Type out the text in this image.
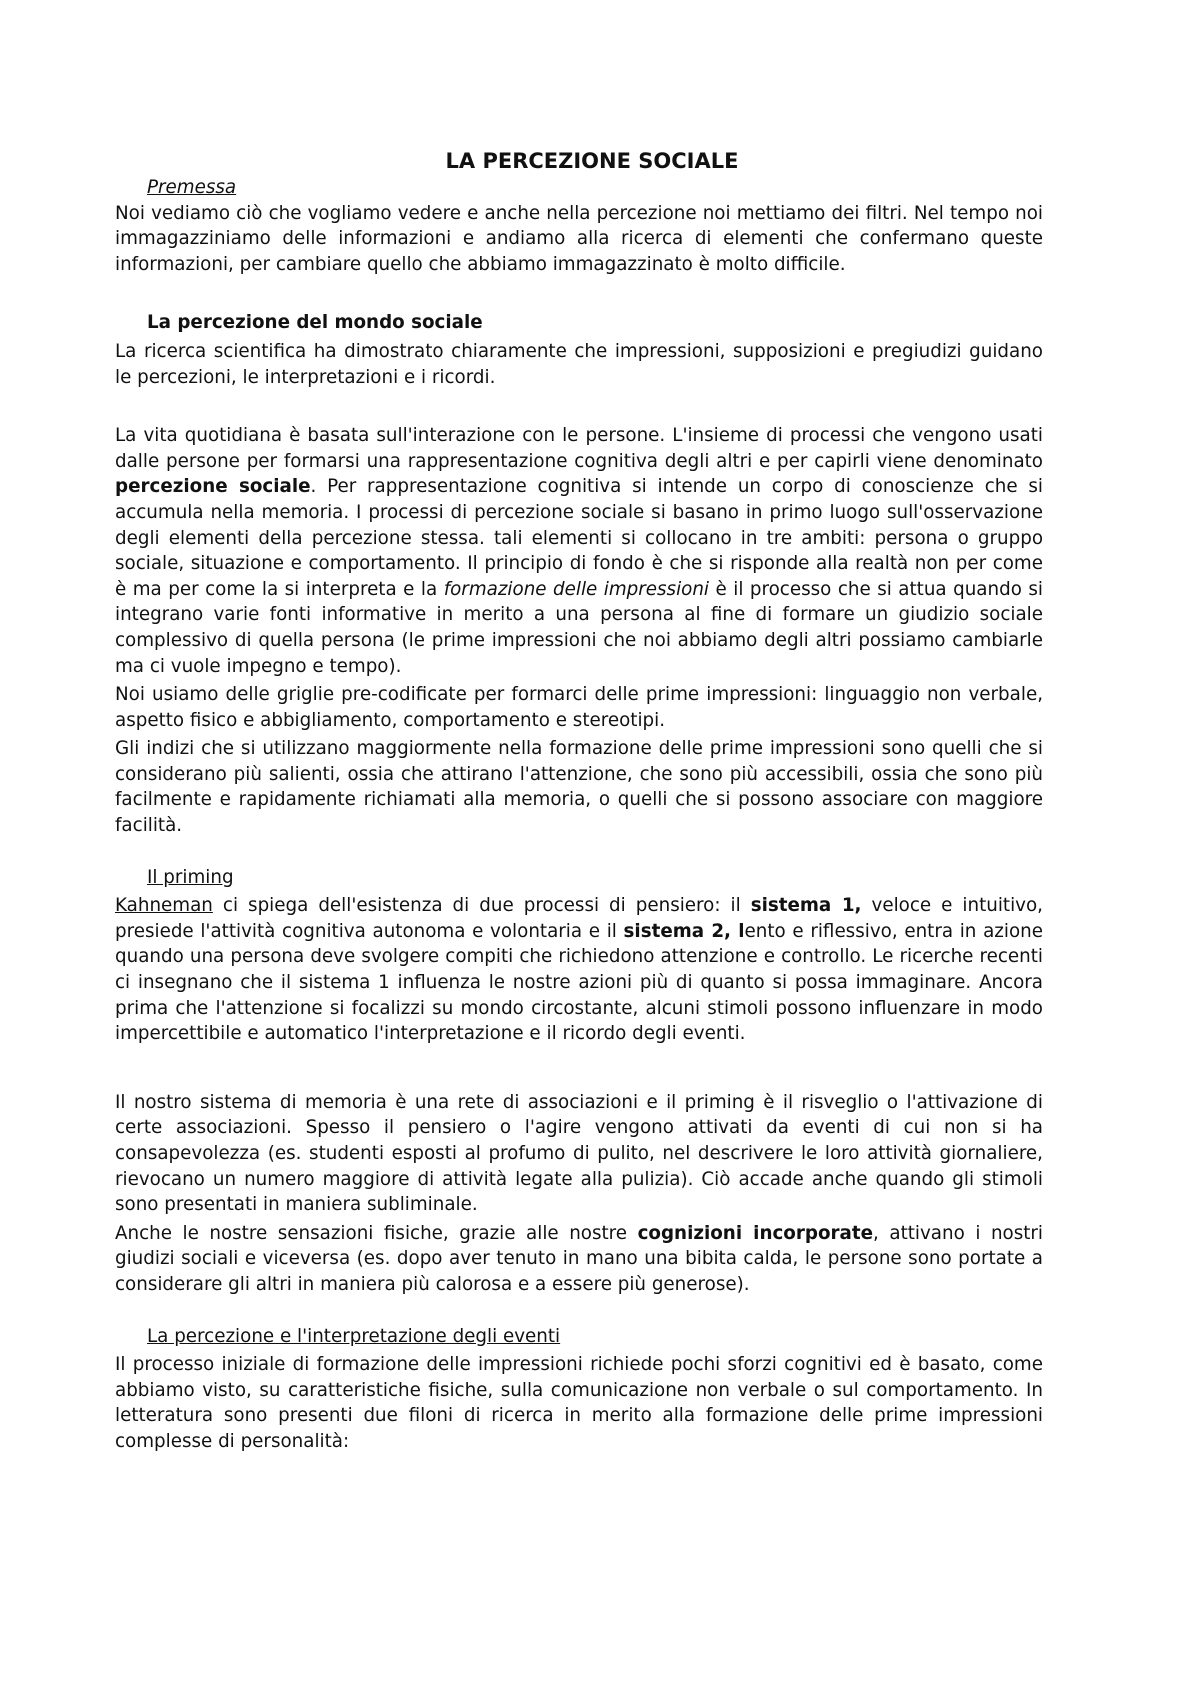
LA PERCEZIONE SOCIALE
Premessa

Noi vediamo ciò che vogliamo vedere e anche nella percezione noi mettiamo dei filtri. Nel tempo noi immagazziniamo delle informazioni e andiamo alla ricerca di elementi che confermano queste informazioni, per cambiare quello che abbiamo immagazzinato è molto difficile.

La percezione del mondo sociale

La ricerca scientifica ha dimostrato chiaramente che impressioni, supposizioni e pregiudizi guidano le percezioni, le interpretazioni e i ricordi.

La vita quotidiana è basata sull'interazione con le persone. L'insieme di processi che vengono usati dalle persone per formarsi una rappresentazione cognitiva degli altri e per capirli viene denominato percezione sociale. Per rappresentazione cognitiva si intende un corpo di conoscienze che si accumula nella memoria. I processi di percezione sociale si basano in primo luogo sull'osservazione degli elementi della percezione stessa. tali elementi si collocano in tre ambiti: persona o gruppo sociale, situazione e comportamento. Il principio di fondo è che si risponde alla realtà non per come è ma per come la si interpreta e la formazione delle impressioni è il processo che si attua quando si integrano varie fonti informative in merito a una persona al fine di formare un giudizio sociale complessivo di quella persona (le prime impressioni che noi abbiamo degli altri possiamo cambiarle ma ci vuole impegno e tempo).

Noi usiamo delle griglie pre-codificate per formarci delle prime impressioni: linguaggio non verbale, aspetto fisico e abbigliamento, comportamento e stereotipi.

Gli indizi che si utilizzano maggiormente nella formazione delle prime impressioni sono quelli che si considerano più salienti, ossia che attirano l'attenzione, che sono più accessibili, ossia che sono più facilmente e rapidamente richiamati alla memoria, o quelli che si possono associare con maggiore facilità.

Il priming

Kahneman ci spiega dell'esistenza di due processi di pensiero: il sistema 1, veloce e intuitivo, presiede l'attività cognitiva autonoma e volontaria e il sistema 2, lento e riflessivo, entra in azione quando una persona deve svolgere compiti che richiedono attenzione e controllo. Le ricerche recenti ci insegnano che il sistema 1 influenza le nostre azioni più di quanto si possa immaginare. Ancora prima che l'attenzione si focalizzi su mondo circostante, alcuni stimoli possono influenzare in modo impercettibile e automatico l'interpretazione e il ricordo degli eventi.

Il nostro sistema di memoria è una rete di associazioni e il priming è il risveglio o l'attivazione di certe associazioni. Spesso il pensiero o l'agire vengono attivati da eventi di cui non si ha consapevolezza (es. studenti esposti al profumo di pulito, nel descrivere le loro attività giornaliere, rievocano un numero maggiore di attività legate alla pulizia). Ciò accade anche quando gli stimoli sono presentati in maniera subliminale.

Anche le nostre sensazioni fisiche, grazie alle nostre cognizioni incorporate, attivano i nostri giudizi sociali e viceversa (es. dopo aver tenuto in mano una bibita calda, le persone sono portate a considerare gli altri in maniera più calorosa e a essere più generose).

La percezione e l'interpretazione degli eventi

Il processo iniziale di formazione delle impressioni richiede pochi sforzi cognitivi ed è basato, come abbiamo visto, su caratteristiche fisiche, sulla comunicazione non verbale o sul comportamento. In letteratura sono presenti due filoni di ricerca in merito alla formazione delle prime impressioni complesse di personalità:
